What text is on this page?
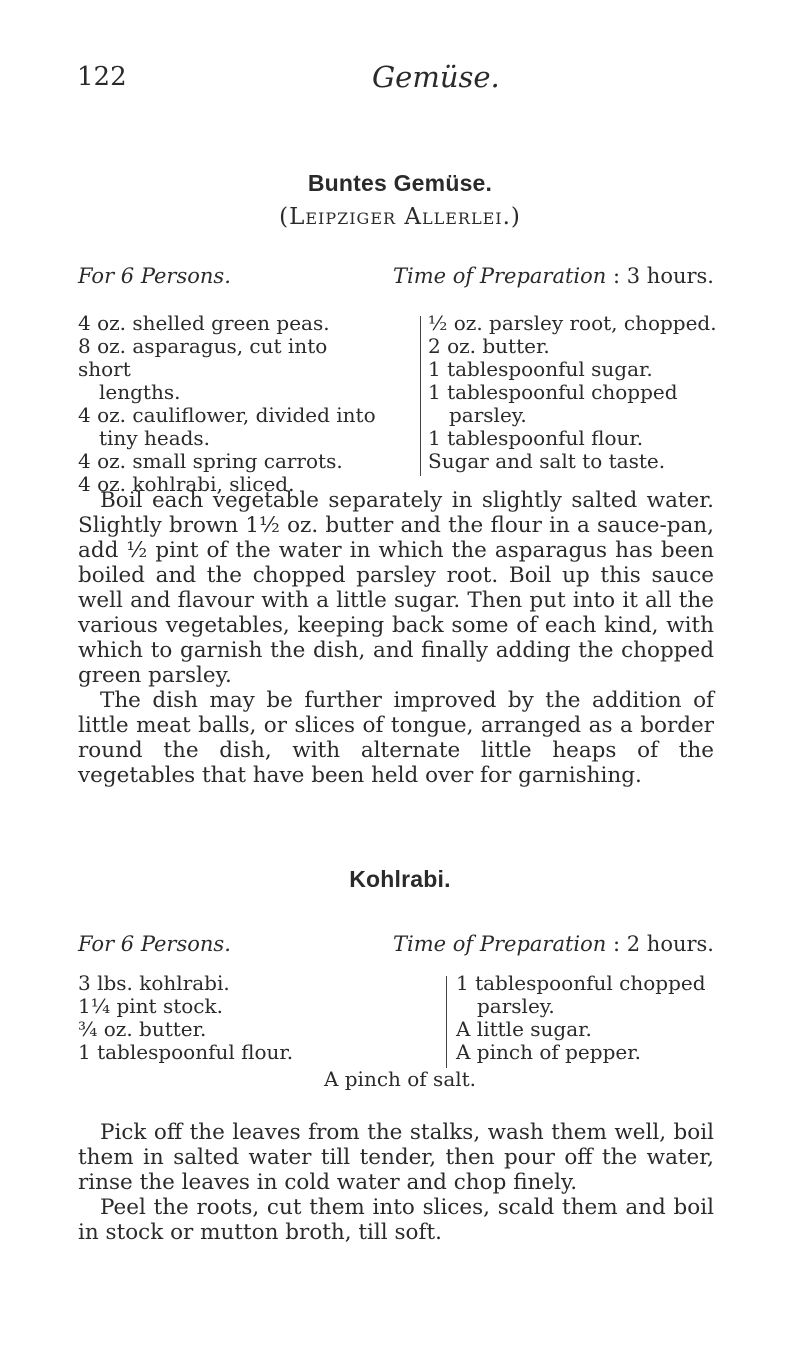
122	Gemüse.
Buntes Gemüse.
(Leipziger Allerlei.)
For 6 Persons.	Time of Preparation : 3 hours.
4 oz. shelled green peas.
8 oz. asparagus, cut into short
lengths.
4 oz. cauliflower, divided into
tiny heads.
4 oz. small spring carrots.
4 oz. kohlrabi, sliced.
½ oz. parsley root, chopped.
2 oz. butter.
1 tablespoonful sugar.
1 tablespoonful chopped
parsley.
1 tablespoonful flour.
Sugar and salt to taste.

Boil each vegetable separately in slightly salted water. Slightly brown 1½ oz. butter and the flour in a sauce-pan, add ½ pint of the water in which the asparagus has been boiled and the chopped parsley root. Boil up this sauce well and flavour with a little sugar. Then put into it all the various vegetables, keeping back some of each kind, with which to garnish the dish, and finally adding the chopped green parsley.

The dish may be further improved by the addition of little meat balls, or slices of tongue, arranged as a border round the dish, with alternate little heaps of the vegetables that have been held over for garnishing.

Kohlrabi.
For 6 Persons.	Time of Preparation : 2 hours.
3 lbs. kohlrabi.
1¼ pint stock.
¾ oz. butter.
1 tablespoonful flour.
1 tablespoonful chopped
parsley.
A little sugar.
A pinch of pepper.
A pinch of salt.

Pick off the leaves from the stalks, wash them well, boil them in salted water till tender, then pour off the water, rinse the leaves in cold water and chop finely.

Peel the roots, cut them into slices, scald them and boil in stock or mutton broth, till soft.
